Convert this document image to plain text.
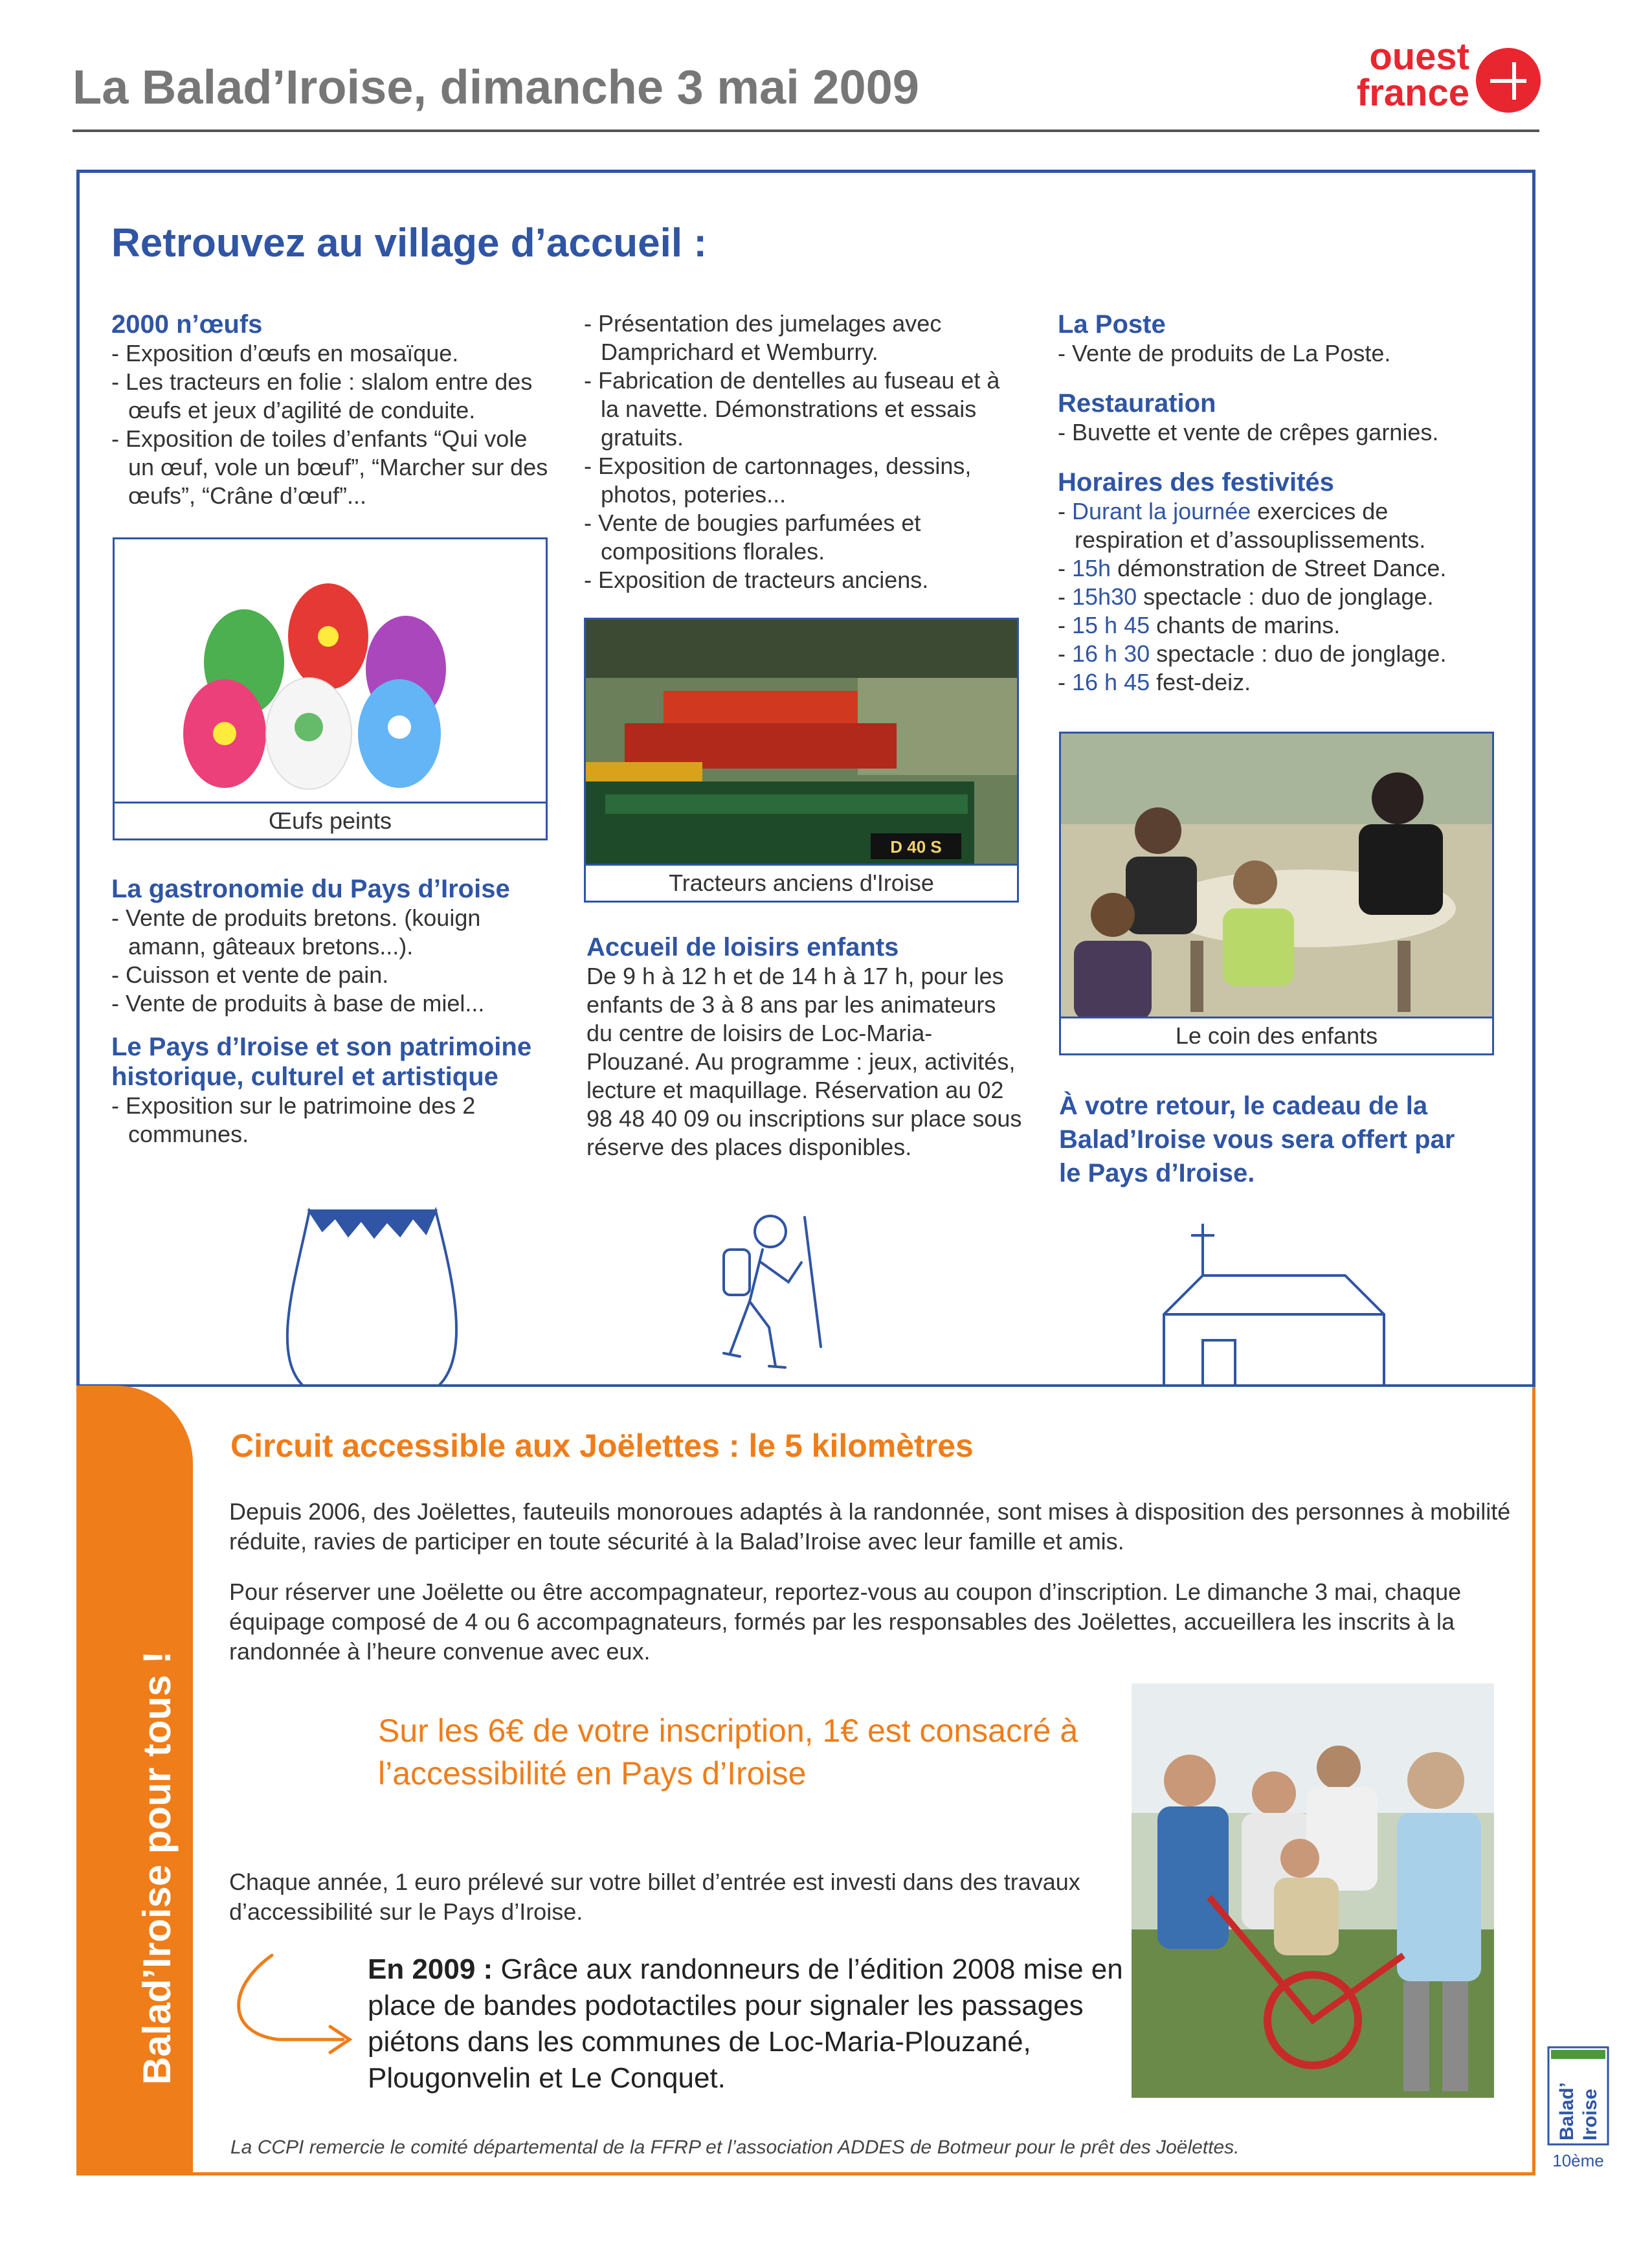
La Balad’Iroise, dimanche 3 mai 2009
ouest
france
Retrouvez au village d’accueil :
2000 n’œufs
- Exposition d’œufs en mosaïque.
- Les tracteurs en folie : slalom entre des œufs et jeux d’agilité de conduite.
- Exposition de toiles d’enfants “Qui vole un œuf, vole un bœuf”, “Marcher sur des œufs”, “Crâne d’œuf”...
Œufs peints
La gastronomie du Pays d’Iroise
- Vente de produits bretons. (kouign amann, gâteaux bretons...).
- Cuisson et vente de pain.
- Vente de produits à base de miel...
Le Pays d’Iroise et son patrimoine historique, culturel et artistique
- Exposition sur le patrimoine des 2 communes.
- Présentation des jumelages avec Damprichard et Wemburry.
- Fabrication de dentelles au fuseau et à la navette. Démonstrations et essais gratuits.
- Exposition de cartonnages, dessins, photos, poteries...
- Vente de bougies parfumées et compositions florales.
- Exposition de tracteurs anciens.
D 40 S
Tracteurs anciens d'Iroise
Accueil de loisirs enfants

De 9 h à 12 h et de 14 h à 17 h, pour les enfants de 3 à 8 ans par les animateurs du centre de loisirs de Loc-Maria-Plouzané. Au programme : jeux, activités, lecture et maquillage. Réservation au 02 98 48 40 09 ou inscriptions sur place sous réserve des places disponibles.

La Poste
- Vente de produits de La Poste.
Restauration
- Buvette et vente de crêpes garnies.
Horaires des festivités
- Durant la journée exercices de respiration et d’assouplissements.
- 15h démonstration de Street Dance.
- 15h30 spectacle : duo de jonglage.
- 15 h 45 chants de marins.
- 16 h 30 spectacle : duo de jonglage.
- 16 h 45 fest-deiz.
Le coin des enfants
À votre retour, le cadeau de la Balad’Iroise vous sera offert par le Pays d’Iroise.
Balad’Iroise pour tous !
Circuit accessible aux Joëlettes : le 5 kilomètres

Depuis 2006, des Joëlettes, fauteuils monoroues adaptés à la randonnée, sont mises à disposition des personnes à mobilité réduite, ravies de participer en toute sécurité à la Balad’Iroise avec leur famille et amis.

Pour réserver une Joëlette ou être accompagnateur, reportez-vous au coupon d’inscription. Le dimanche 3 mai, chaque équipage composé de 4 ou 6 accompagnateurs, formés par les responsables des Joëlettes, accueillera les inscrits à la randonnée à l’heure convenue avec eux.

Sur les 6€ de votre inscription, 1€ est consacré à l’accessibilité en Pays d’Iroise

Chaque année, 1 euro prélevé sur votre billet d’entrée est investi dans des travaux d’accessibilité sur le Pays d’Iroise.

En 2009 : Grâce aux randonneurs de l’édition 2008 mise en place de bandes podotactiles pour signaler les passages piétons dans les communes de Loc-Maria-Plouzané, Plougonvelin et Le Conquet.
La CCPI remercie le comité départemental de la FFRP et l’association ADDES de Botmeur pour le prêt des Joëlettes.
Balad’ Iroise
10ème
